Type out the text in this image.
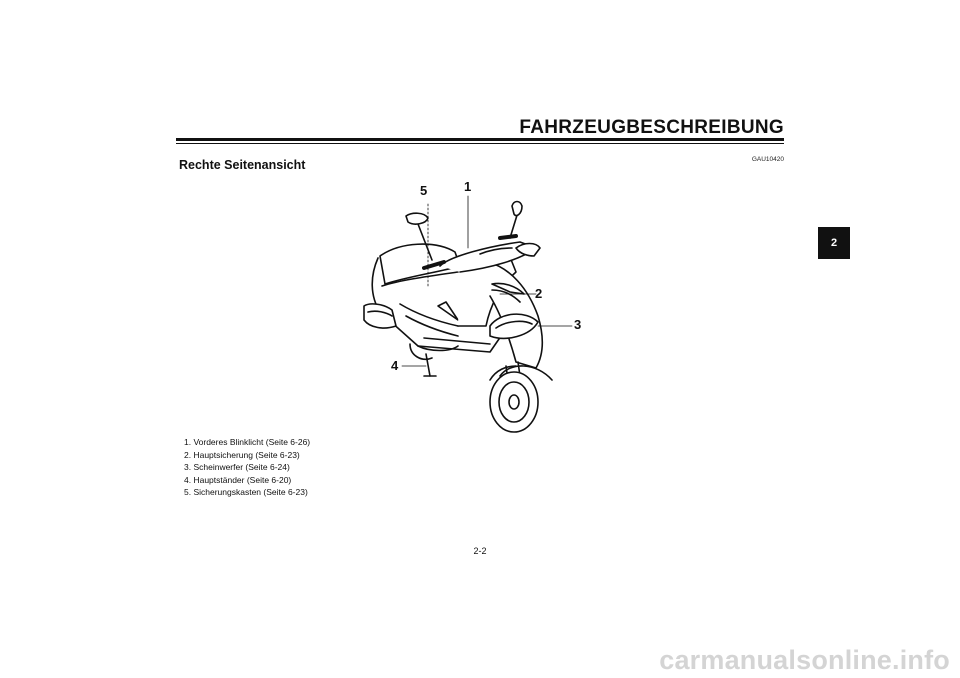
FAHRZEUGBESCHREIBUNG
GAU10420
Rechte Seitenansicht
2
5	1
2
3
4
1. Vorderes Blinklicht (Seite 6-26)
2. Hauptsicherung (Seite 6-23)
3. Scheinwerfer (Seite 6-24)
4. Hauptständer (Seite 6-20)
5. Sicherungskasten (Seite 6-23)
2-2
carmanualsonline.info
